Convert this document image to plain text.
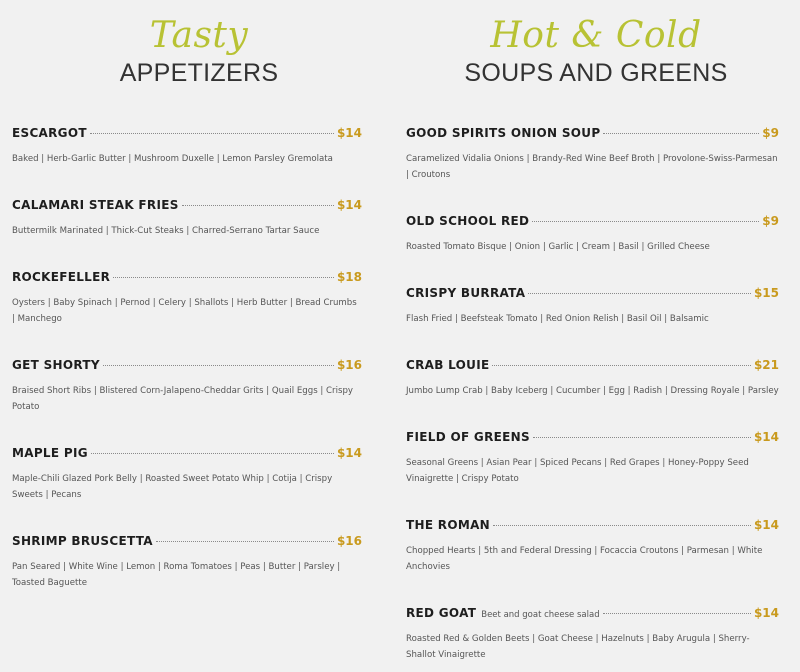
Tasty
APPETIZERS
ESCARGOT	$14
Baked | Herb-Garlic Butter | Mushroom Duxelle | Lemon Parsley Gremolata
CALAMARI STEAK FRIES	$14
Buttermilk Marinated | Thick-Cut Steaks | Charred-Serrano Tartar Sauce
ROCKEFELLER	$18
Oysters | Baby Spinach | Pernod | Celery | Shallots | Herb Butter | Bread Crumbs | Manchego
GET SHORTY	$16
Braised Short Ribs | Blistered Corn-Jalapeno-Cheddar Grits | Quail Eggs | Crispy Potato
MAPLE PIG	$14
Maple-Chili Glazed Pork Belly | Roasted Sweet Potato Whip | Cotija | Crispy Sweets | Pecans
SHRIMP BRUSCETTA	$16
Pan Seared | White Wine | Lemon | Roma Tomatoes | Peas | Butter | Parsley | Toasted Baguette
Hot & Cold
SOUPS AND GREENS
GOOD SPIRITS ONION SOUP	$9
Caramelized Vidalia Onions | Brandy-Red Wine Beef Broth | Provolone-Swiss-Parmesan | Croutons
OLD SCHOOL RED	$9
Roasted Tomato Bisque | Onion | Garlic | Cream | Basil | Grilled Cheese
CRISPY BURRATA	$15
Flash Fried | Beefsteak Tomato | Red Onion Relish | Basil Oil | Balsamic
CRAB LOUIE	$21
Jumbo Lump Crab | Baby Iceberg | Cucumber | Egg | Radish | Dressing Royale | Parsley
FIELD OF GREENS	$14
Seasonal Greens | Asian Pear | Spiced Pecans | Red Grapes | Honey-Poppy Seed Vinaigrette | Crispy Potato
THE ROMAN	$14
Chopped Hearts | 5th and Federal Dressing | Focaccia Croutons | Parmesan | White Anchovies
RED GOAT Beet and goat cheese salad	$14
Roasted Red & Golden Beets | Goat Cheese | Hazelnuts | Baby Arugula | Sherry-Shallot Vinaigrette
